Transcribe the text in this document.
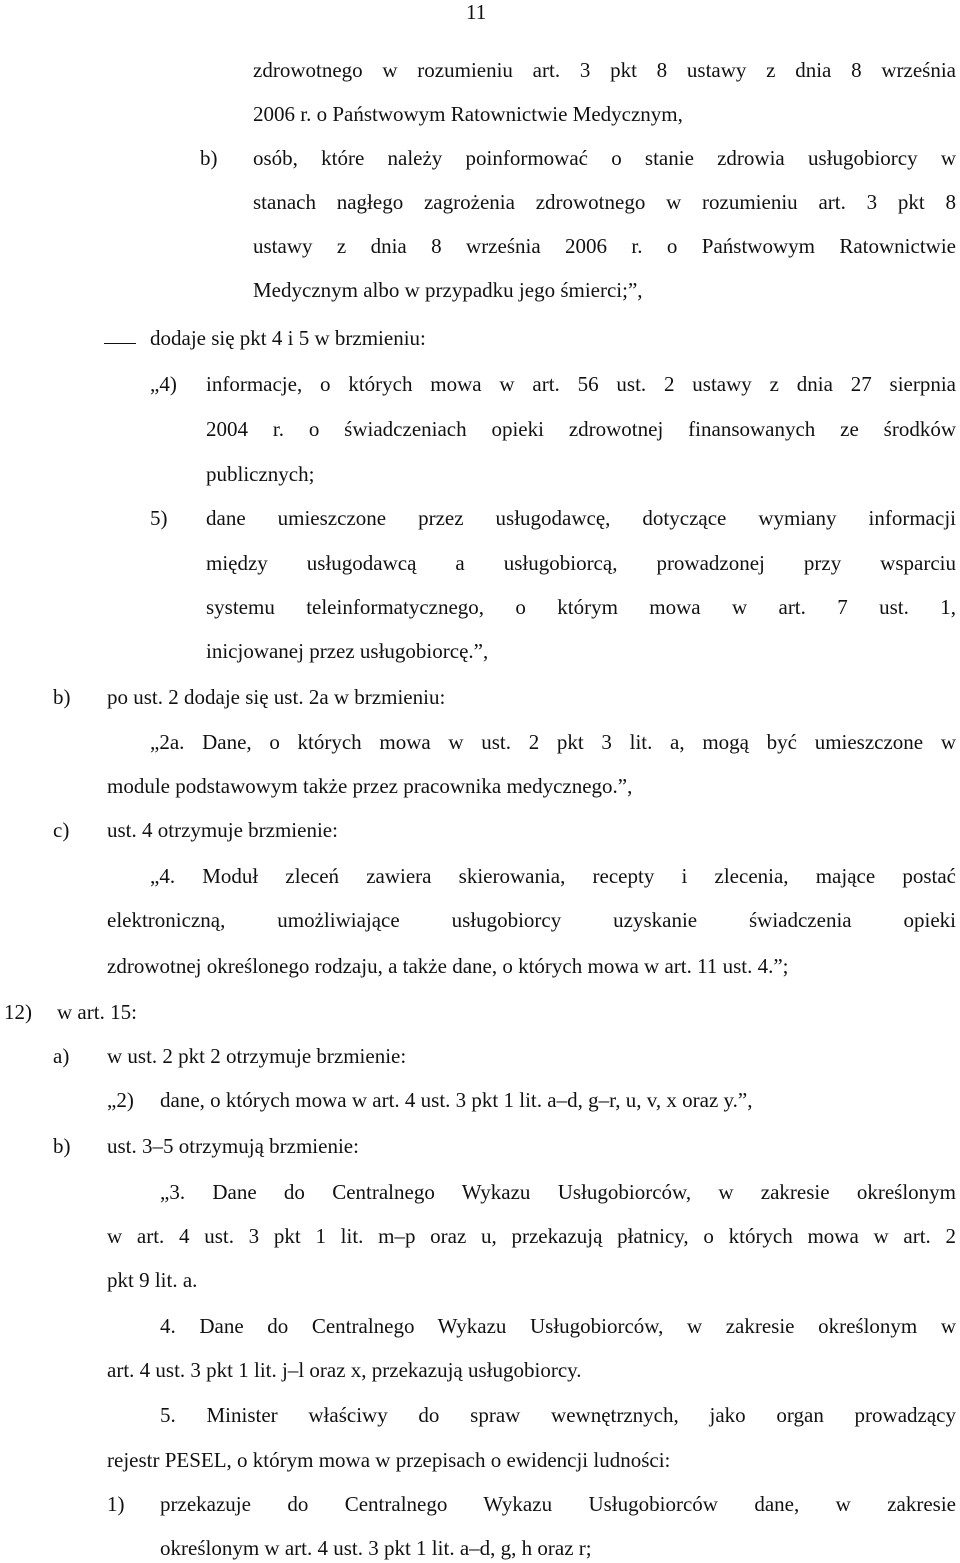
11
zdrowotnego w rozumieniu art. 3 pkt 8 ustawy z dnia 8 września
2006 r. o Państwowym Ratownictwie Medycznym,
b) osób, które należy poinformować o stanie zdrowia usługobiorcy w
stanach nagłego zagrożenia zdrowotnego w rozumieniu art. 3 pkt 8
ustawy z dnia 8 września 2006 r. o Państwowym Ratownictwie
Medycznym albo w przypadku jego śmierci;”,
dodaje się pkt 4 i 5 w brzmieniu:
„4) informacje, o których mowa w art. 56 ust. 2 ustawy z dnia 27 sierpnia
2004 r. o świadczeniach opieki zdrowotnej finansowanych ze środków
publicznych;
5) dane umieszczone przez usługodawcę, dotyczące wymiany informacji
między usługodawcą a usługobiorcą, prowadzonej przy wsparciu
systemu teleinformatycznego, o którym mowa w art. 7 ust. 1,
inicjowanej przez usługobiorcę.”,
b) po ust. 2 dodaje się ust. 2a w brzmieniu:
„2a. Dane, o których mowa w ust. 2 pkt 3 lit. a, mogą być umieszczone w
module podstawowym także przez pracownika medycznego.”,
c) ust. 4 otrzymuje brzmienie:
„4. Moduł zleceń zawiera skierowania, recepty i zlecenia, mające postać
elektroniczną, umożliwiające usługobiorcy uzyskanie świadczenia opieki
zdrowotnej określonego rodzaju, a także dane, o których mowa w art. 11 ust. 4.”;
12) w art. 15:
a) w ust. 2 pkt 2 otrzymuje brzmienie:
„2) dane, o których mowa w art. 4 ust. 3 pkt 1 lit. a–d, g–r, u, v, x oraz y.”,
b) ust. 3–5 otrzymują brzmienie:
„3. Dane do Centralnego Wykazu Usługobiorców, w zakresie określonym
w art. 4 ust. 3 pkt 1 lit. m–p oraz u, przekazują płatnicy, o których mowa w art. 2
pkt 9 lit. a.
4. Dane do Centralnego Wykazu Usługobiorców, w zakresie określonym w
art. 4 ust. 3 pkt 1 lit. j–l oraz x, przekazują usługobiorcy.
5. Minister właściwy do spraw wewnętrznych, jako organ prowadzący
rejestr PESEL, o którym mowa w przepisach o ewidencji ludności:
1) przekazuje do Centralnego Wykazu Usługobiorców dane, w zakresie
określonym w art. 4 ust. 3 pkt 1 lit. a–d, g, h oraz r;
